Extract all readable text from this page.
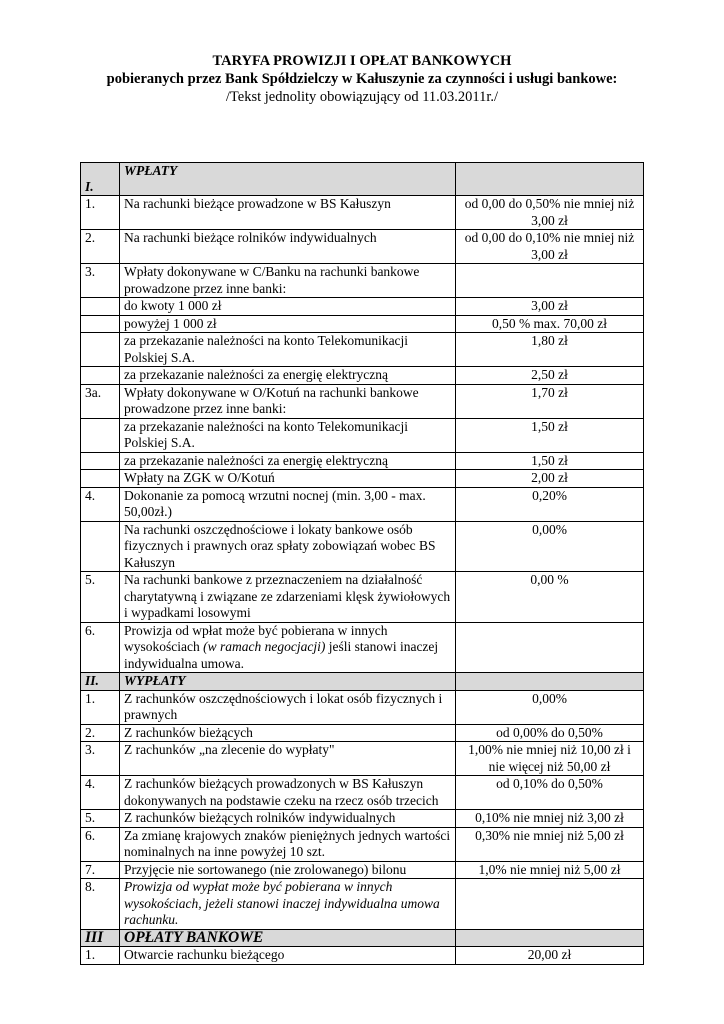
TARYFA PROWIZJI I OPŁAT BANKOWYCH
pobieranych przez Bank Spółdzielczy w Kałuszynie za czynności i usługi bankowe:
/Tekst jednolity obowiązujący od 11.03.2011r./
I.	WPŁATY	
1.	Na rachunki bieżące prowadzone w BS Kałuszyn	od 0,00 do 0,50% nie mniej niż 3,00 zł
2.	Na rachunki bieżące rolników indywidualnych	od 0,00 do 0,10% nie mniej niż 3,00 zł
3.	Wpłaty dokonywane w C/Banku na rachunki bankowe prowadzone przez inne banki:	
	do kwoty 1 000 zł	3,00 zł
	powyżej 1 000 zł	0,50 % max. 70,00 zł
	za przekazanie należności na konto Telekomunikacji Polskiej S.A.	1,80 zł
	za przekazanie należności za energię elektryczną	2,50 zł
3a.	Wpłaty dokonywane w O/Kotuń na rachunki bankowe prowadzone przez inne banki:	1,70 zł
	za przekazanie należności na konto Telekomunikacji Polskiej S.A.	1,50 zł
	za przekazanie należności za energię elektryczną	1,50 zł
	Wpłaty na ZGK w O/Kotuń	2,00 zł
4.	Dokonanie za pomocą wrzutni nocnej (min. 3,00 - max. 50,00zł.)	0,20%
	Na rachunki oszczędnościowe i lokaty bankowe osób fizycznych i prawnych oraz spłaty zobowiązań wobec BS Kałuszyn	0,00%
5.	Na rachunki bankowe z przeznaczeniem na działalność charytatywną i związane ze zdarzeniami klęsk żywiołowych i wypadkami losowymi	0,00 %
6.	Prowizja od wpłat może być pobierana w innych wysokościach (w ramach negocjacji) jeśli stanowi inaczej indywidualna umowa.	
II.	WYPŁATY	
1.	Z rachunków oszczędnościowych i lokat osób fizycznych i prawnych	0,00%
2.	Z rachunków bieżących	od 0,00% do 0,50%
3.	Z rachunków „na zlecenie do wypłaty"	1,00% nie mniej niż 10,00 zł i nie więcej niż 50,00 zł
4.	Z rachunków bieżących prowadzonych w BS Kałuszyn dokonywanych na podstawie czeku na rzecz osób trzecich	od 0,10% do 0,50%
5.	Z rachunków bieżących rolników indywidualnych	0,10% nie mniej niż 3,00 zł
6.	Za zmianę krajowych znaków pieniężnych jednych wartości nominalnych na inne powyżej 10 szt.	0,30% nie mniej niż 5,00 zł
7.	Przyjęcie nie sortowanego (nie zrolowanego) bilonu	1,0% nie mniej niż 5,00 zł
8.	Prowizja od wypłat może być pobierana w innych wysokościach, jeżeli stanowi inaczej indywidualna umowa rachunku.	
III	OPŁATY BANKOWE	
1.	Otwarcie rachunku bieżącego	20,00 zł
